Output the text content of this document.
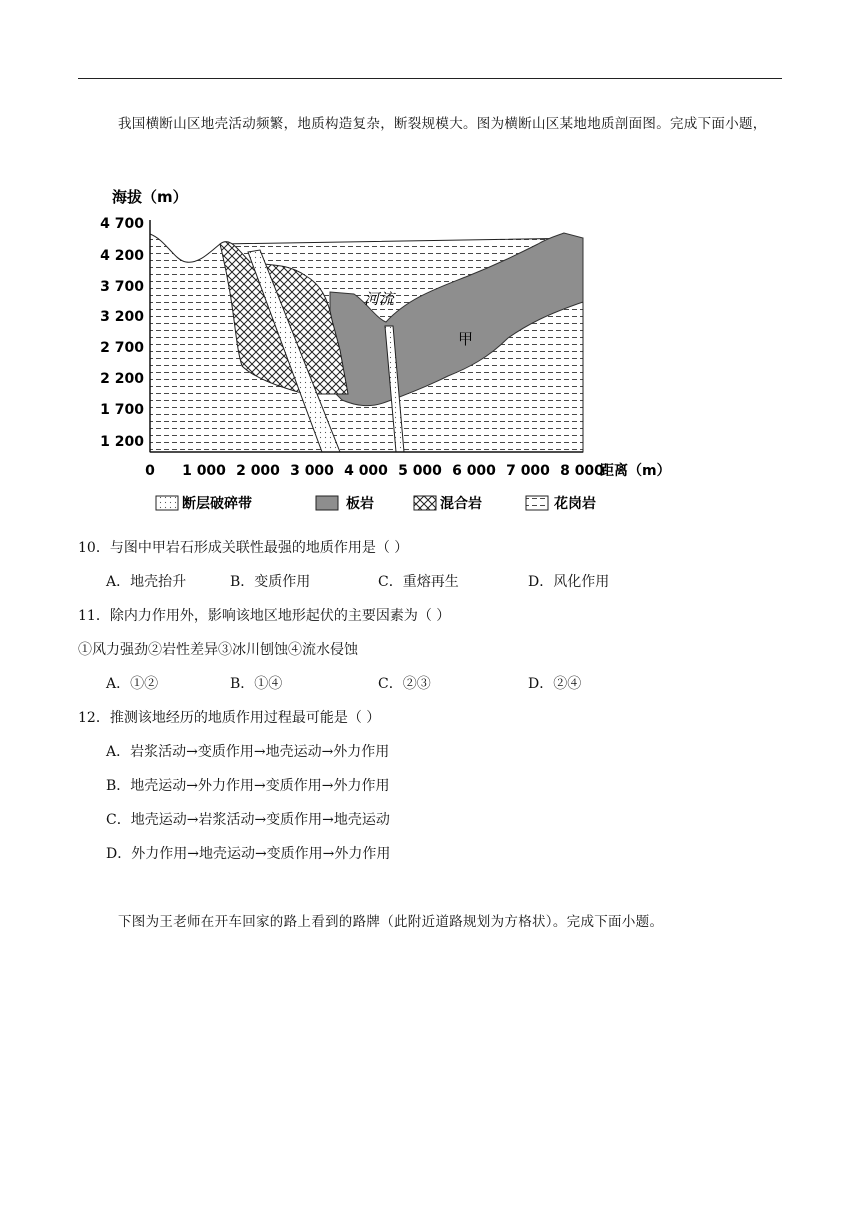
我国横断山区地壳活动频繁，地质构造复杂，断裂规模大。图为横断山区某地地质剖面图。完成下面小题，
海拔（m）
4 700
4 200
3 700
3 200
2 700
2 200
1 700
1 200
河流
甲
0 1 000 2 000 3 000 4 000 5 000 6 000 7 000 8 000
距离（m）
断层破碎带	板岩	混合岩	花岗岩
10．与图中甲岩石形成关联性最强的地质作用是（ ）
A．地壳抬升	B．变质作用	C．重熔再生	D．风化作用
11．除内力作用外，影响该地区地形起伏的主要因素为（ ）
①风力强劲②岩性差异③冰川刨蚀④流水侵蚀
A．①②	B．①④	C．②③	D．②④
12．推测该地经历的地质作用过程最可能是（ ）
A．岩浆活动→变质作用→地壳运动→外力作用
B．地壳运动→外力作用→变质作用→外力作用
C．地壳运动→岩浆活动→变质作用→地壳运动
D．外力作用→地壳运动→变质作用→外力作用
下图为王老师在开车回家的路上看到的路牌（此附近道路规划为方格状）。完成下面小题。
